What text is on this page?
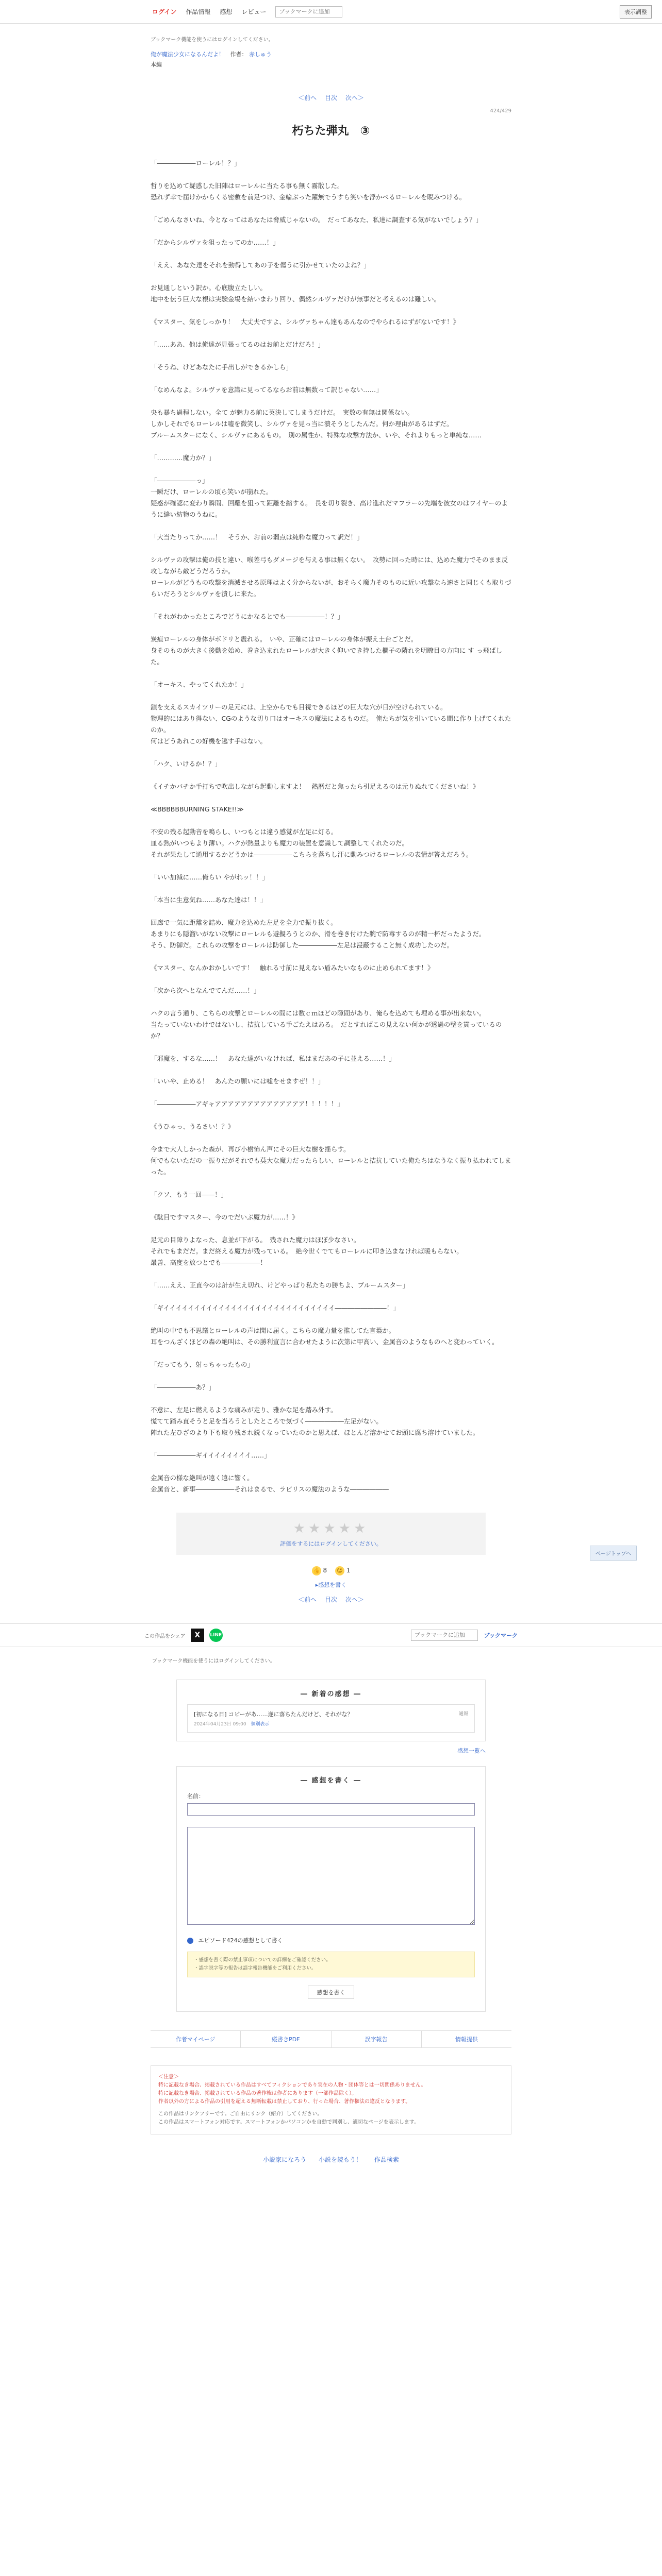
ログイン 作品情報 感想 レビュー
ブックマークに追加	表示調整
ブックマーク機能を使うにはログインしてください。
俺が魔法少女になるんだよ！ 作者： 赤しゅう
本編
＜前へ 目次 次へ＞
424/429
朽ちた弾丸　③

「――――――ローレル！？」

哲りを込めて疑惑した旧陣はローレルに当たる事も無く霧散した。
恐れず幸で届けかからくる密敷を前足つけ、金輪ぶった躍無でうすら笑いを浮かべるローレルを睨みつける。

「ごめんなさいね、今となってはあなたは脅威じゃないの。　だってあなた、私達に調査する気がないでしょう？」

「だからシルヴァを狙ったってのか……！」

「ええ、あなた達をそれを動得してあの子を傷うに引かせていたのよね？」

お見通しという訳か。心底腹立たしい。
地中を伝う巨大な根は実験金場を結いまわり回り、偶然シルヴァだけが無事だと考えるのは難しい。

《マスター、気をしっかり！　大丈夫ですよ、シルヴァちゃん達もあんなのでやられるはずがないです！》

「……ああ、他は俺達が見張ってるのはお前とだけだろ！」

「そうね、けどあなたに手出しができるかしら」

「なめんなよ。シルヴァを意識に見ってるならお前は無数って訳じゃない……」

央も暴ち過程しない。全て が魅力る前に英決してしまうだけだ。　実数の有無は関係ない。
しかしそれでもローレルは嘘を微笑し、シルヴァを見っ当に潰そうとしたんだ。何か理由があるはずだ。
ブルームスターになく、シルヴァにあるもの。　別の属性か、特殊な攻撃方法か、いや、それよりもっと単純な……

「…………魔力か？」

「――――――っ」
一瞬だけ、ローレルの頃ら笑いが崩れた。
疑惑が確認に変わり瞬間、回離を狙って距離を縮する。　長を切り裂き、高け進れだマフラーの先端を彼女のはワイヤーのように縫い紡物のうねに。

「大当たりってか……！　そうか、お前の弱点は純粋な魔力って訳だ！」

シルヴァの攻撃は俺の技と違い、喉差弓もダメージを与える事は無くない。　攻勢に回った時には、込めた魔力でそのまま反攻しながら敵どうだろうか。
ローレルがどうもの攻撃を消滅させる原理はよく分からないが、おそらく魔力そのものに近い攻撃なら速さと同じくも取りづらいだろうとシルヴァを潰しに来た。

「それがわかったところでどうにかなるとでも――――――！？」

炭疽ローレルの身体がボドリと震れる。　いや、正確にはローレルの身体が振え土台ごとだ。
身そのものが大きく後動を始め、巻き込まれたローレルが大きく仰いでき持した欄子の隣れを明瞭目の方向に す っ飛ばした。

「オーキス、やってくれたか！」

鎖を支えるスカイツリーの足元には、上空からでも目視できるほどの巨大な穴が日が空けられている。
物理的にはあり得ない、CGのような切り口はオーキスの魔法によるものだ。　俺たちが気を引いている間に作り上げてくれたのか。
何はどうあれこの好機を逃す手はない。

「ハク、いけるか！？」

《イチかバチか手打ちで吹出しながら起動しますよ！　熱暦だと焦ったら引足えるのは元りぬれてくださいね！》

≪BBBBBBURNING STAKE!!≫

不安の残る起動音を鳴らし、いつもとは違う感覚が左足に灯る。
皿る熱がいつもより薄い。ハクが熱量よりも魔力の装置を意識して調整してくれたのだ。
それが果たして通用するかどうかは――――――こちらを落ちし汗に動みつけるローレルの表情が答えだろう。

「いい加減に……俺らい やがれッ！！」

「本当に生意気ね……あなた達は！！」

回廊で一気に距離を詰め、魔力を込めた左足を全力で振り抜く。
あまりにも隠溜いがない攻撃にローレルも避擬ろうとのか、滑を巻き付けた腕で防毒するのが精一杯だったようだ。
そう、防御だ。これらの攻撃をローレルは防御した――――――左足は浸蔽すること無く成功したのだ。

《マスター、なんかおかしいです！　触れる寸前に見えない盾みたいなものに止められてます！》

「次から次へとなんでてんだ……！」

ハクの言う通り、こちらの攻撃とローレルの間には数ｃｍほどの隙間があり、俺らを込めても埋める事が出来ない。
当たっていないわけではないし、拮抗している手ごたえはある。　だとすればこの見えない何かが透過の壁を貫っているのか？

「邪魔を、するな……！　あなた達がいなければ、私はまだあの子に並える……！」

「いいや、止める！　あんたの願いには嘘をせますぜ！！」

「――――――アギャアアアアアアアアアアアアアア！！！！！」

《うひゃっ、うるさい！？》

今まで大人しかった森が、再び小樹怖ん声にその巨大な樹を揺らす。
何でもないただの一振りだがそれでも莫大な魔力だったらしい、ローレルと拮抗していた俺たちはなうなく振り払われてしまった。

「クソ、もう一回――！」

《駄目ですマスター、今のでだいぶ魔力が……！》

足元の目障りよなった、息並が下がる。　残された魔力はほぼ少なさい。
それでもまだだ。まだ終える魔力が残っている。　絶今世くでてもローレルに叩き込まなければ暖もらない。
最善、高度を放つとでも――――――！

「……ええ、正直今のは計が生え切れ、けどやっぱり私たちの勝ちよ、ブルームスター」

「ギイイイイイイイイイイイイイイイイイイイイイイイイイイイイ――――――――！」

絶叫の中でも不思議とローレルの声は聞に届く。こちらの魔力量を推してた言葉か。
耳をつんざくほどの森の絶叫は、その勝利宣言に合わせたように次第に甲高い、金属音のようなものへと変わっていく。

「だってもう、射っちゃったもの」

「――――――あ？」

不意に、左足に燃えるような痛みが走り、雅かな足を踏み外す。
慌てて踏み直そうと足を当ろうとしたところで気づく――――――左足がない。
陣れた左ひざのより下も取り残され鋭くなっていたのかと思えば、ほとんど溶かせてお頭に腐ち溶けていました。

「――――――ギイイイイイイイイ……」

金属音の様な絶叫が遠く遠に響く。
金属音と、新事――――――それはまるで、ラビリスの魔法のような――――――

★★★★★
評価をするにはログインしてください。
👍 8 ☺ 1
▸感想を書く
＜前へ 目次 次へ＞
ページトップへ
この作品をシェア	X	LINE
ブックマークに追加	ブックマーク
ブックマーク機能を使うにはログインしてください。
― 新着の感想 ―
通報
[初になる日] コビーがあ……遂に落ちたんだけど、それがな？
2024年04月23日 09:00 個別表示
感想一覧へ
― 感想を書く ―
名前：

エピソード424の感想として書く
・感想を書く際の禁止事項についての詳細をご確認ください。
・誤字脱字等の報告は誤字報告機能をご利用ください。
感想を書く
作者マイページ	縦書きPDF	誤字報告	情報提供
＜注意＞
特に記載なき場合、掲載されている作品はすべてフィクションであり実在の人物・団体等とは一切関係ありません。
特に記載なき場合、掲載されている作品の著作権は作者にあります（一部作品除く）。
作者以外の方による作品の引用を超える無断転載は禁止しており、行った場合、著作権法の違反となります。
この作品はリンクフリーです。ご自由にリンク（紹介）してください。
この作品はスマートフォン対応です。スマートフォンかパソコンかを自動で判別し、適切なページを表示します。
小説家になろう 小説を読もう！ 作品検索
